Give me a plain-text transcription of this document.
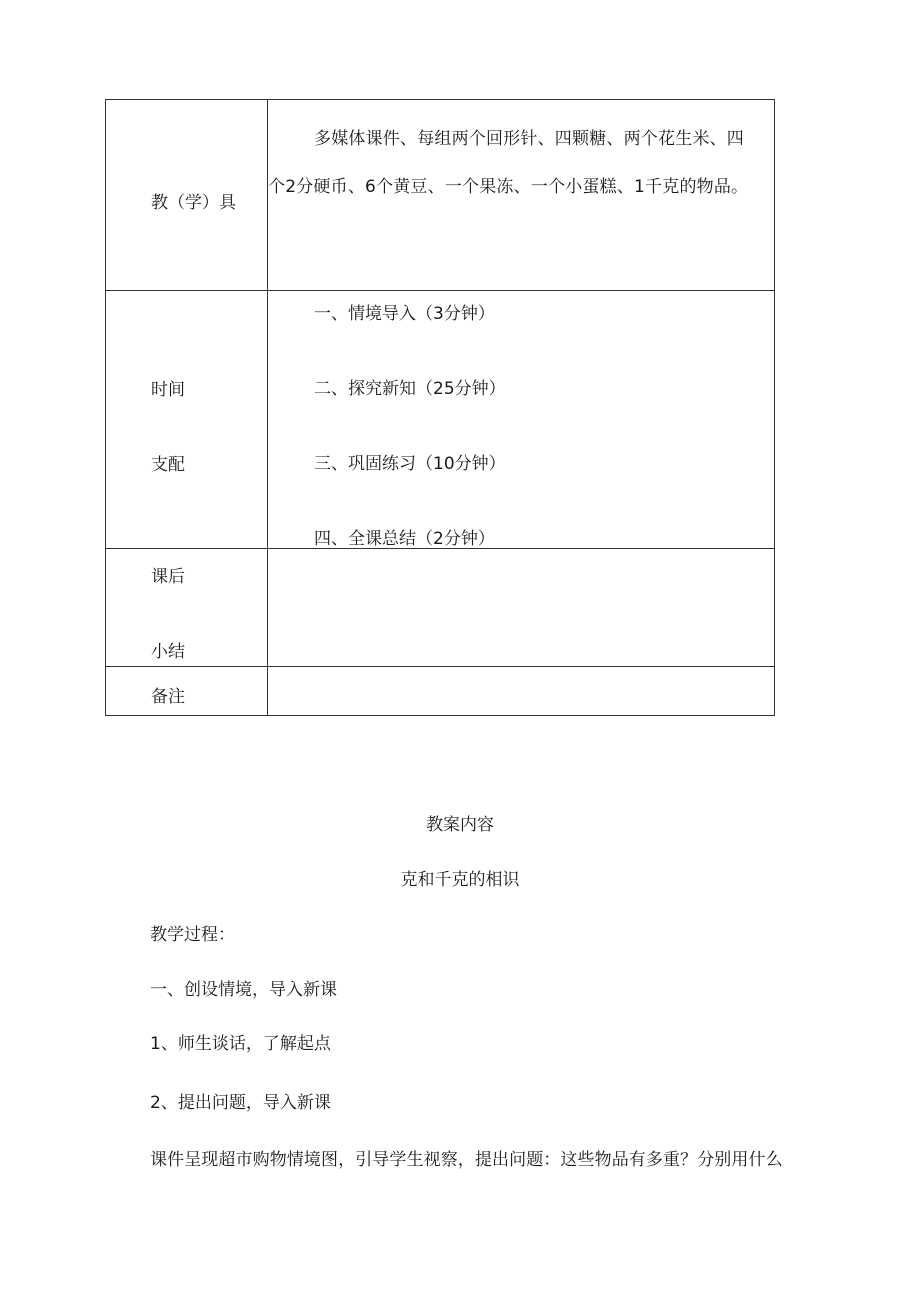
教（学）具	多媒体课件、每组两个回形针、四颗糖、两个花生米、四
个2分硬币、6个黄豆、一个果冻、一个小蛋糕、1千克的物品。

时间
支配	一、情境导入（3分钟）
二、探究新知（25分钟）
三、巩固练习（10分钟）
四、全课总结（2分钟）

课后
小结	

备注	

教案内容
克和千克的相识
教学过程：
一、创设情境，导入新课
1、师生谈话，了解起点
2、提出问题，导入新课
课件呈现超市购物情境图，引导学生视察，提出问题：这些物品有多重？分别用什么
